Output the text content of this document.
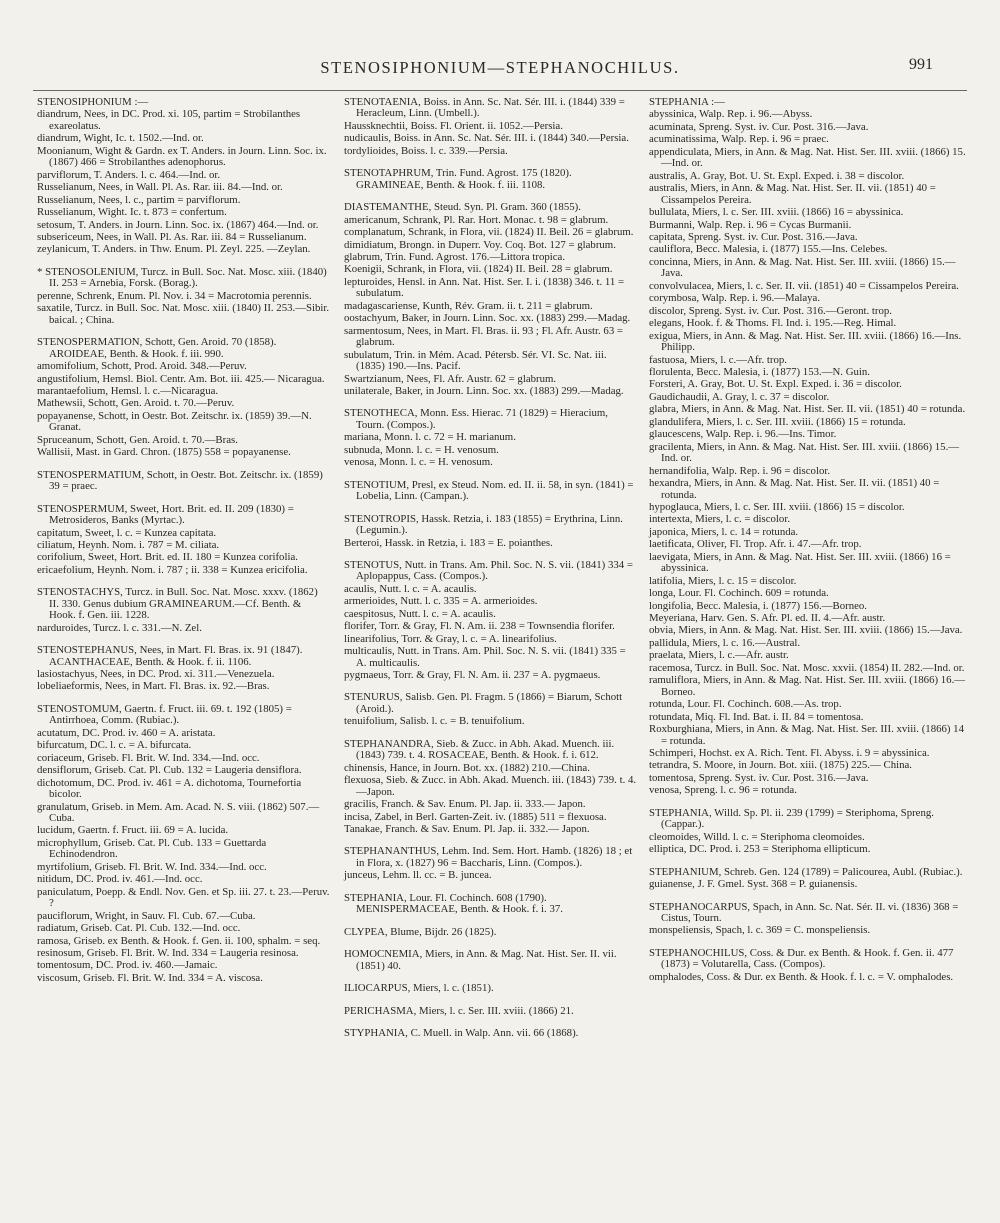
STENOSIPHONIUM—STEPHANOCHILUS.	991
STENOSIPHONIUM :—
diandrum, Nees, in DC. Prod. xi. 105, partim = Strobilanthes exareolatus.
diandrum, Wight, Ic. t. 1502.—Ind. or.
Moonianum, Wight & Gardn. ex T. Anders. in Journ. Linn. Soc. ix. (1867) 466 = Strobilanthes adenophorus.
parviflorum, T. Anders. l. c. 464.—Ind. or.
Russelianum, Nees, in Wall. Pl. As. Rar. iii. 84.—Ind. or.
Russelianum, Nees, l. c., partim = parviflorum.
Russelianum, Wight. Ic. t. 873 = confertum.
setosum, T. Anders. in Journ. Linn. Soc. ix. (1867) 464.—Ind. or.
subsericeum, Nees, in Wall. Pl. As. Rar. iii. 84 = Russelianum.
zeylanicum, T. Anders. in Thw. Enum. Pl. Zeyl. 225. —Zeylan.
* STENOSOLENIUM, Turcz. in Bull. Soc. Nat. Mosc. xiii. (1840) II. 253 = Arnebia, Forsk. (Borag.).
perenne, Schrenk, Enum. Pl. Nov. i. 34 = Macrotomia perennis.
saxatile, Turcz. in Bull. Soc. Nat. Mosc. xiii. (1840) II. 253.—Sibir. baical. ; China.
STENOSPERMATION, Schott, Gen. Aroid. 70 (1858). AROIDEAE, Benth. & Hook. f. iii. 990.
amomifolium, Schott, Prod. Aroid. 348.—Peruv.
angustifolium, Hemsl. Biol. Centr. Am. Bot. iii. 425.— Nicaragua.
marantaefolium, Hemsl. l. c.—Nicaragua.
Mathewsii, Schott, Gen. Aroid. t. 70.—Peruv.
popayanense, Schott, in Oestr. Bot. Zeitschr. ix. (1859) 39.—N. Granat.
Spruceanum, Schott, Gen. Aroid. t. 70.—Bras.
Wallisii, Mast. in Gard. Chron. (1875) 558 = popayanense.
STENOSPERMATIUM, Schott, in Oestr. Bot. Zeitschr. ix. (1859) 39 = praec.
STENOSPERMUM, Sweet, Hort. Brit. ed. II. 209 (1830) = Metrosideros, Banks (Myrtac.).
capitatum, Sweet, l. c. = Kunzea capitata.
ciliatum, Heynh. Nom. i. 787 = M. ciliata.
corifolium, Sweet, Hort. Brit. ed. II. 180 = Kunzea corifolia.
ericaefolium, Heynh. Nom. i. 787 ; ii. 338 = Kunzea ericifolia.
STENOSTACHYS, Turcz. in Bull. Soc. Nat. Mosc. xxxv. (1862) II. 330. Genus dubium GRAMINEARUM.—Cf. Benth. & Hook. f. Gen. iii. 1228.
narduroides, Turcz. l. c. 331.—N. Zel.
STENOSTEPHANUS, Nees, in Mart. Fl. Bras. ix. 91 (1847). ACANTHACEAE, Benth. & Hook. f. ii. 1106.
lasiostachyus, Nees, in DC. Prod. xi. 311.—Venezuela.
lobeliaeformis, Nees, in Mart. Fl. Bras. ix. 92.—Bras.
STENOSTOMUM, Gaertn. f. Fruct. iii. 69. t. 192 (1805) = Antirrhoea, Comm. (Rubiac.).
acutatum, DC. Prod. iv. 460 = A. aristata.
bifurcatum, DC. l. c. = A. bifurcata.
coriaceum, Griseb. Fl. Brit. W. Ind. 334.—Ind. occ.
densiflorum, Griseb. Cat. Pl. Cub. 132 = Laugeria densiflora.
dichotomum, DC. Prod. iv. 461 = A. dichotoma, Tournefortia bicolor.
granulatum, Griseb. in Mem. Am. Acad. N. S. viii. (1862) 507.—Cuba.
lucidum, Gaertn. f. Fruct. iii. 69 = A. lucida.
microphyllum, Griseb. Cat. Pl. Cub. 133 = Guettarda Echinodendron.
myrtifolium, Griseb. Fl. Brit. W. Ind. 334.—Ind. occ.
nitidum, DC. Prod. iv. 461.—Ind. occ.
paniculatum, Poepp. & Endl. Nov. Gen. et Sp. iii. 27. t. 23.—Peruv. ?
pauciflorum, Wright, in Sauv. Fl. Cub. 67.—Cuba.
radiatum, Griseb. Cat. Pl. Cub. 132.—Ind. occ.
ramosa, Griseb. ex Benth. & Hook. f. Gen. ii. 100, sphalm. = seq.
resinosum, Griseb. Fl. Brit. W. Ind. 334 = Laugeria resinosa.
tomentosum, DC. Prod. iv. 460.—Jamaic.
viscosum, Griseb. Fl. Brit. W. Ind. 334 = A. viscosa.
STENOTAENIA, Boiss. in Ann. Sc. Nat. Sér. III. i. (1844) 339 = Heracleum, Linn. (Umbell.).
Haussknechtii, Boiss. Fl. Orient. ii. 1052.—Persia.
nudicaulis, Boiss. in Ann. Sc. Nat. Sér. III. i. (1844) 340.—Persia.
tordylioides, Boiss. l. c. 339.—Persia.
STENOTAPHRUM, Trin. Fund. Agrost. 175 (1820). GRAMINEAE, Benth. & Hook. f. iii. 1108.
DIASTEMANTHE, Steud. Syn. Pl. Gram. 360 (1855).
americanum, Schrank, Pl. Rar. Hort. Monac. t. 98 = glabrum.
complanatum, Schrank, in Flora, vii. (1824) II. Beil. 26 = glabrum.
dimidiatum, Brongn. in Duperr. Voy. Coq. Bot. 127 = glabrum.
glabrum, Trin. Fund. Agrost. 176.—Littora tropica.
Koenigii, Schrank, in Flora, vii. (1824) II. Beil. 28 = glabrum.
lepturoides, Hensl. in Ann. Nat. Hist. Ser. I. i. (1838) 346. t. 11 = subulatum.
madagascariense, Kunth, Rév. Gram. ii. t. 211 = glabrum.
oostachyum, Baker, in Journ. Linn. Soc. xx. (1883) 299.—Madag.
sarmentosum, Nees, in Mart. Fl. Bras. ii. 93 ; Fl. Afr. Austr. 63 = glabrum.
subulatum, Trin. in Mém. Acad. Pétersb. Sér. VI. Sc. Nat. iii. (1835) 190.—Ins. Pacif.
Swartzianum, Nees, Fl. Afr. Austr. 62 = glabrum.
unilaterale, Baker, in Journ. Linn. Soc. xx. (1883) 299.—Madag.
STENOTHECA, Monn. Ess. Hierac. 71 (1829) = Hieracium, Tourn. (Compos.).
mariana, Monn. l. c. 72 = H. marianum.
subnuda, Monn. l. c. = H. venosum.
venosa, Monn. l. c. = H. venosum.
STENOTIUM, Presl, ex Steud. Nom. ed. II. ii. 58, in syn. (1841) = Lobelia, Linn. (Campan.).
STENOTROPIS, Hassk. Retzia, i. 183 (1855) = Erythrina, Linn. (Legumin.).
Berteroi, Hassk. in Retzia, i. 183 = E. poianthes.
STENOTUS, Nutt. in Trans. Am. Phil. Soc. N. S. vii. (1841) 334 = Aplopappus, Cass. (Compos.).
acaulis, Nutt. l. c. = A. acaulis.
armerioides, Nutt. l. c. 335 = A. armerioides.
caespitosus, Nutt. l. c. = A. acaulis.
florifer, Torr. & Gray, Fl. N. Am. ii. 238 = Townsendia florifer.
linearifolius, Torr. & Gray, l. c. = A. linearifolius.
multicaulis, Nutt. in Trans. Am. Phil. Soc. N. S. vii. (1841) 335 = A. multicaulis.
pygmaeus, Torr. & Gray, Fl. N. Am. ii. 237 = A. pygmaeus.
STENURUS, Salisb. Gen. Pl. Fragm. 5 (1866) = Biarum, Schott (Aroid.).
tenuifolium, Salisb. l. c. = B. tenuifolium.
STEPHANANDRA, Sieb. & Zucc. in Abh. Akad. Muench. iii. (1843) 739. t. 4. ROSACEAE, Benth. & Hook. f. i. 612.
chinensis, Hance, in Journ. Bot. xx. (1882) 210.—China.
flexuosa, Sieb. & Zucc. in Abh. Akad. Muench. iii. (1843) 739. t. 4.—Japon.
gracilis, Franch. & Sav. Enum. Pl. Jap. ii. 333.— Japon.
incisa, Zabel, in Berl. Garten-Zeit. iv. (1885) 511 = flexuosa.
Tanakae, Franch. & Sav. Enum. Pl. Jap. ii. 332.— Japon.
STEPHANANTHUS, Lehm. Ind. Sem. Hort. Hamb. (1826) 18 ; et in Flora, x. (1827) 96 = Baccharis, Linn. (Compos.).
junceus, Lehm. ll. cc. = B. juncea.
STEPHANIA, Lour. Fl. Cochinch. 608 (1790). MENISPERMACEAE, Benth. & Hook. f. i. 37.
CLYPEA, Blume, Bijdr. 26 (1825).
HOMOCNEMIA, Miers, in Ann. & Mag. Nat. Hist. Ser. II. vii. (1851) 40.
ILIOCARPUS, Miers, l. c. (1851).
PERICHASMA, Miers, l. c. Ser. III. xviii. (1866) 21.
STYPHANIA, C. Muell. in Walp. Ann. vii. 66 (1868).
STEPHANIA :—
abyssinica, Walp. Rep. i. 96.—Abyss.
acuminata, Spreng. Syst. iv. Cur. Post. 316.—Java.
acuminatissima, Walp. Rep. i. 96 = praec.
appendiculata, Miers, in Ann. & Mag. Nat. Hist. Ser. III. xviii. (1866) 15.—Ind. or.
australis, A. Gray, Bot. U. St. Expl. Exped. i. 38 = discolor.
australis, Miers, in Ann. & Mag. Nat. Hist. Ser. II. vii. (1851) 40 = Cissampelos Pereira.
bullulata, Miers, l. c. Ser. III. xviii. (1866) 16 = abyssinica.
Burmanni, Walp. Rep. i. 96 = Cycas Burmanii.
capitata, Spreng. Syst. iv. Cur. Post. 316.—Java.
cauliflora, Becc. Malesia, i. (1877) 155.—Ins. Celebes.
concinna, Miers, in Ann. & Mag. Nat. Hist. Ser. III. xviii. (1866) 15.—Java.
convolvulacea, Miers, l. c. Ser. II. vii. (1851) 40 = Cissampelos Pereira.
corymbosa, Walp. Rep. i. 96.—Malaya.
discolor, Spreng. Syst. iv. Cur. Post. 316.—Geront. trop.
elegans, Hook. f. & Thoms. Fl. Ind. i. 195.—Reg. Himal.
exigua, Miers, in Ann. & Mag. Nat. Hist. Ser. III. xviii. (1866) 16.—Ins. Philipp.
fastuosa, Miers, l. c.—Afr. trop.
florulenta, Becc. Malesia, i. (1877) 153.—N. Guin.
Forsteri, A. Gray, Bot. U. St. Expl. Exped. i. 36 = discolor.
Gaudichaudii, A. Gray, l. c. 37 = discolor.
glabra, Miers, in Ann. & Mag. Nat. Hist. Ser. II. vii. (1851) 40 = rotunda.
glandulifera, Miers, l. c. Ser. III. xviii. (1866) 15 = rotunda.
glaucescens, Walp. Rep. i. 96.—Ins. Timor.
gracilenta, Miers, in Ann. & Mag. Nat. Hist. Ser. III. xviii. (1866) 15.—Ind. or.
hernandifolia, Walp. Rep. i. 96 = discolor.
hexandra, Miers, in Ann. & Mag. Nat. Hist. Ser. II. vii. (1851) 40 = rotunda.
hypoglauca, Miers, l. c. Ser. III. xviii. (1866) 15 = discolor.
intertexta, Miers, l. c. = discolor.
japonica, Miers, l. c. 14 = rotunda.
laetificata, Oliver, Fl. Trop. Afr. i. 47.—Afr. trop.
laevigata, Miers, in Ann. & Mag. Nat. Hist. Ser. III. xviii. (1866) 16 = abyssinica.
latifolia, Miers, l. c. 15 = discolor.
longa, Lour. Fl. Cochinch. 609 = rotunda.
longifolia, Becc. Malesia, i. (1877) 156.—Borneo.
Meyeriana, Harv. Gen. S. Afr. Pl. ed. II. 4.—Afr. austr.
obvia, Miers, in Ann. & Mag. Nat. Hist. Ser. III. xviii. (1866) 15.—Java.
pallidula, Miers, l. c. 16.—Austral.
praelata, Miers, l. c.—Afr. austr.
racemosa, Turcz. in Bull. Soc. Nat. Mosc. xxvii. (1854) II. 282.—Ind. or.
ramuliflora, Miers, in Ann. & Mag. Nat. Hist. Ser. III. xviii. (1866) 16.—Borneo.
rotunda, Lour. Fl. Cochinch. 608.—As. trop.
rotundata, Miq. Fl. Ind. Bat. i. II. 84 = tomentosa.
Roxburghiana, Miers, in Ann. & Mag. Nat. Hist. Ser. III. xviii. (1866) 14 = rotunda.
Schimperi, Hochst. ex A. Rich. Tent. Fl. Abyss. i. 9 = abyssinica.
tetrandra, S. Moore, in Journ. Bot. xiii. (1875) 225.— China.
tomentosa, Spreng. Syst. iv. Cur. Post. 316.—Java.
venosa, Spreng. l. c. 96 = rotunda.
STEPHANIA, Willd. Sp. Pl. ii. 239 (1799) = Steriphoma, Spreng. (Cappar.).
cleomoides, Willd. l. c. = Steriphoma cleomoides.
elliptica, DC. Prod. i. 253 = Steriphoma ellipticum.
STEPHANIUM, Schreb. Gen. 124 (1789) = Palicourea, Aubl. (Rubiac.).
guianense, J. F. Gmel. Syst. 368 = P. guianensis.
STEPHANOCARPUS, Spach, in Ann. Sc. Nat. Sér. II. vi. (1836) 368 = Cistus, Tourn.
monspeliensis, Spach, l. c. 369 = C. monspeliensis.
STEPHANOCHILUS, Coss. & Dur. ex Benth. & Hook. f. Gen. ii. 477 (1873) = Volutarella, Cass. (Compos).
omphalodes, Coss. & Dur. ex Benth. & Hook. f. l. c. = V. omphalodes.
